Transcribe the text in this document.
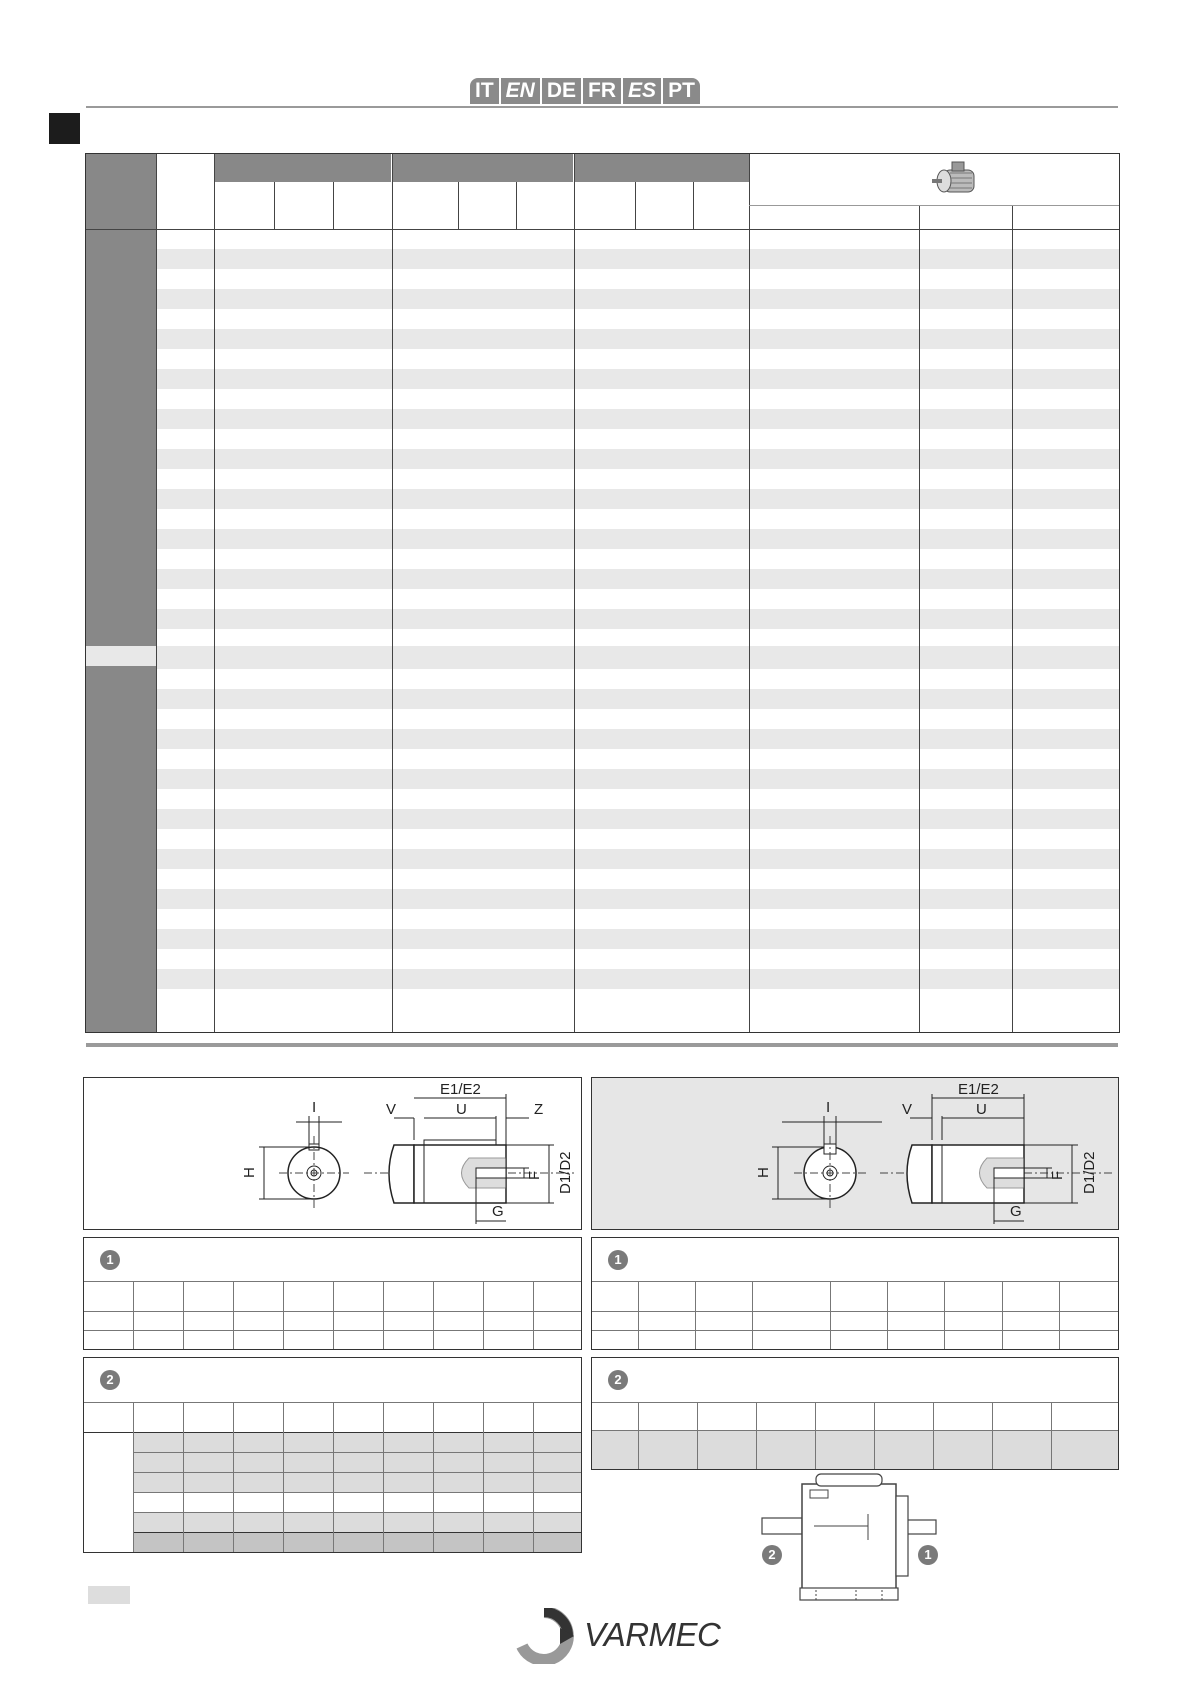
IT EN DE FR ES PT
H
I
E1/E2
U
V	Z
D1/D2
F
G
H
I
E1/E2
U
V
D1/D2
F
G
1	1
2	2
2	1
VARMEC
